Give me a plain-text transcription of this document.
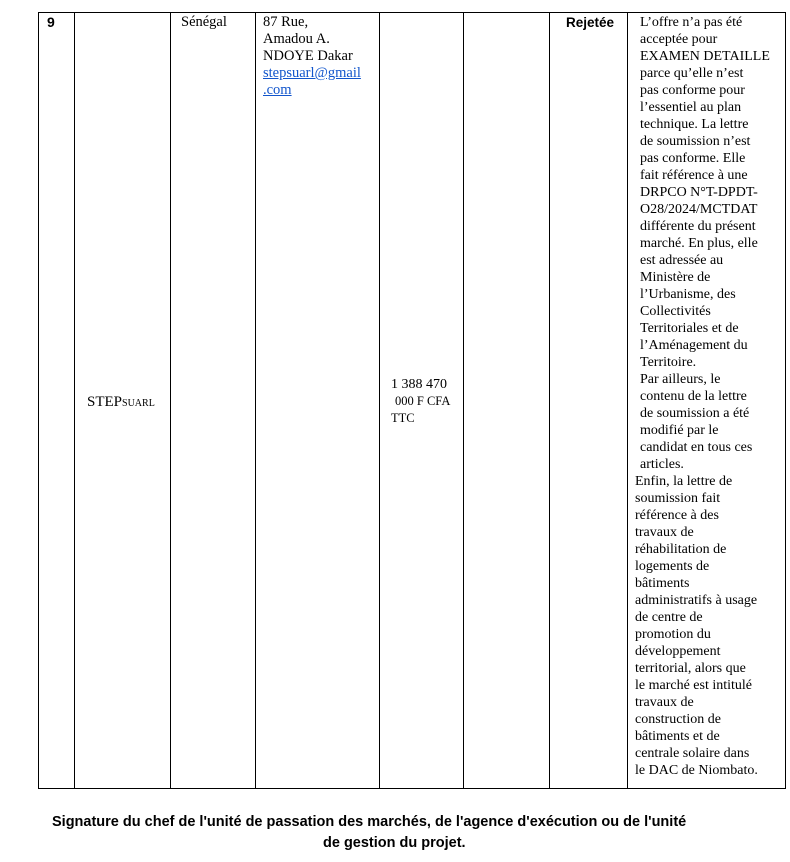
9
STEPSUARL
Sénégal 87 Rue,
Amadou A.
NDOYE Dakar
stepsuarl@gmail
.com
1 388 470
000 F CFA
TTC
Rejetée	L’offre n’a pas été
acceptée pour
EXAMEN DETAILLE
parce qu’elle n’est
pas conforme pour
l’essentiel au plan
technique. La lettre
de soumission n’est
pas conforme. Elle
fait référence à une
DRPCO N°T-DPDT-
O28/2024/MCTDAT
différente du présent
marché. En plus, elle
est adressée au
Ministère de
l’Urbanisme, des
Collectivités
Territoriales et de
l’Aménagement du
Territoire.

Par ailleurs, le
contenu de la lettre
de soumission a été
modifié par le
candidat en tous ces
articles.

Enfin, la lettre de
soumission fait
référence à des
travaux de
réhabilitation de
logements de
bâtiments
administratifs à usage
de centre de
promotion du
développement
territorial, alors que
le marché est intitulé
travaux de
construction de
bâtiments et de
centrale solaire dans
le DAC de Niombato.

Signature du chef de l'unité de passation des marchés, de l'agence d'exécution ou de l'unité
de gestion du projet.
